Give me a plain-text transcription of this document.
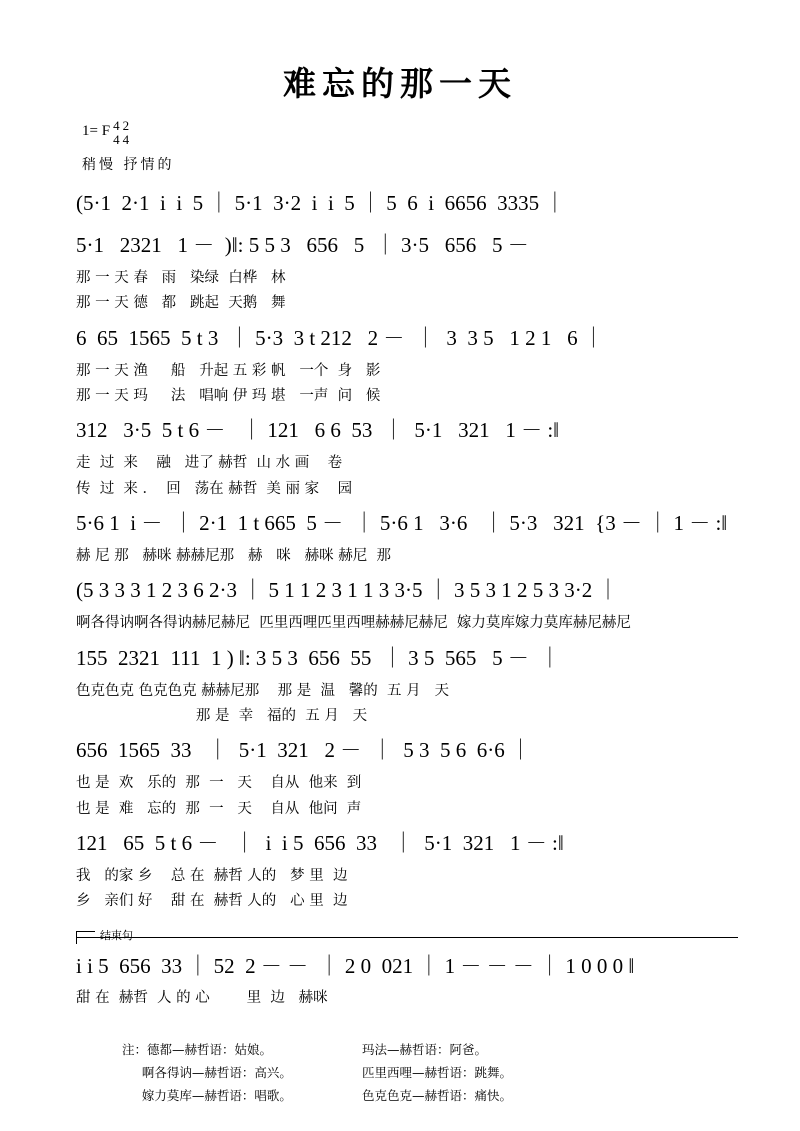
难忘的那一天
1= F 4
4
2
4
稍慢 抒情的
(5·1  2·1  i  i  5 ｜ 5·1  3·2  i  i  5 ｜ 5  6  i  6656  3335 ｜
5·1   2321   1 －  )‖: 5 5 3   656   5  ｜ 3·5   656   5 －
那 一 天 春   雨   染绿  白桦   林
那 一 天 德   都   跳起  天鹅   舞
6  65  1565  5 t 3  ｜ 5·3  3 t 212   2 －  ｜  3  3 5   1 2 1   6 ｜
那 一 天 渔     船   升起 五 彩 帆   一个  身   影
那 一 天 玛     法   唱响 伊 玛 堪   一声  问   候
312   3·5  5 t 6 －   ｜ 121   6 6  53  ｜  5·1   321   1 － :‖
走  过  来    融   进了 赫哲  山 水 画    卷
传  过  来 ．  回   荡在 赫哲  美 丽 家    园
5·6 1  i －  ｜ 2·1  1 t 665  5 －  ｜ 5·6 1   3·6   ｜ 5·3   321  {3 － ｜ 1 － :‖
赫 尼 那   赫咪 赫赫尼那   赫   咪   赫咪 赫尼  那
(5 3 3 3 1 2 3 6 2·3 ｜ 5 1 1 2 3 1 1 3 3·5 ｜ 3 5 3 1 2 5 3 3·2 ｜
啊各得讷啊各得讷赫尼赫尼  匹里西哩匹里西哩赫赫尼赫尼  嫁力莫库嫁力莫库赫尼赫尼
155  2321  111  1 ) ‖: 3 5 3  656  55  ｜ 3 5  565   5 －  ｜
色克色克 色克色克 赫赫尼那    那 是  温   馨的  五 月   天
那 是  幸   福的  五 月   天
656  1565  33   ｜  5·1  321   2 －  ｜  5 3  5 6  6·6 ｜
也 是  欢   乐的  那  一   天    自从  他来  到
也 是  难   忘的  那  一   天    自从  他问  声
121   65  5 t 6 －   ｜  i  i 5  656  33   ｜  5·1  321   1 － :‖
我   的家 乡    总 在  赫哲 人的   梦 里  边
乡   亲们 好    甜 在  赫哲 人的   心 里  边
结束句
i i 5  656  33 ｜ 52  2 － －  ｜ 2 0  021 ｜ 1 － － － ｜ 1 0 0 0 ‖
甜 在  赫哲  人 的 心        里  边   赫咪
注：德都—赫哲语：姑娘。	玛法—赫哲语：阿爸。
啊各得讷—赫哲语：高兴。	匹里西哩—赫哲语：跳舞。
嫁力莫库—赫哲语：唱歌。	色克色克—赫哲语：痛快。
